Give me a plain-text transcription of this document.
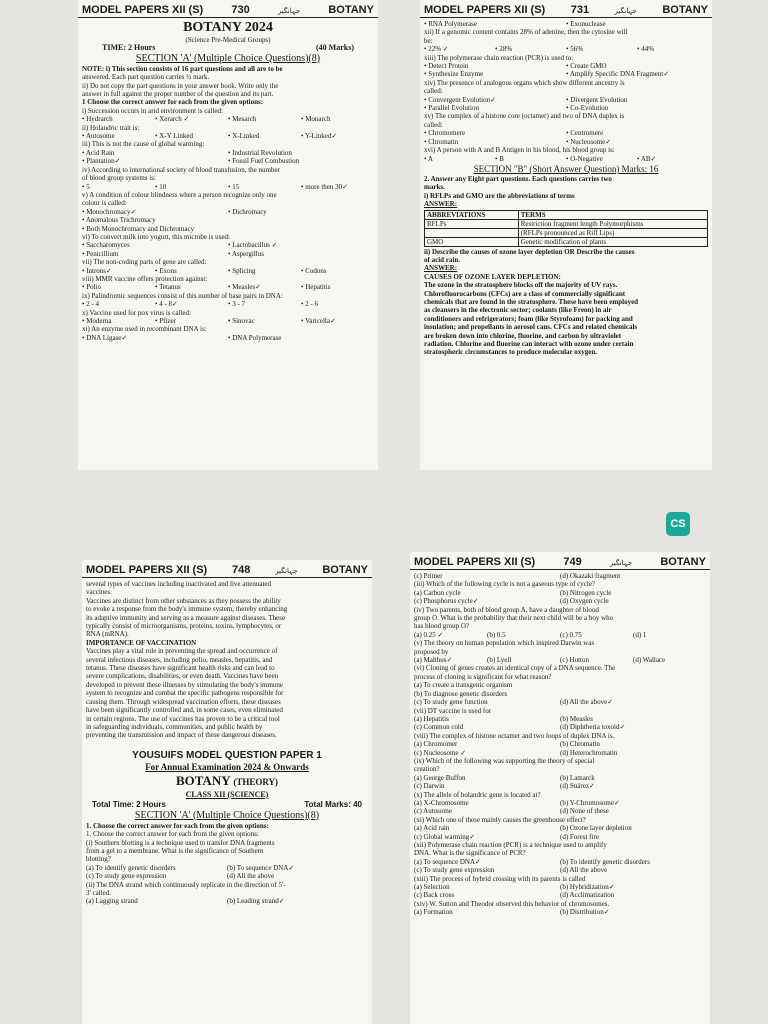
MODEL PAPERS XII (S)	730	جہانگیر	BOTANY
BOTANY 2024
(Science Pre-Medical Groups)
TIME: 2 Hours	(40 Marks)
SECTION 'A' (Multiple Choice Questions)(8)
NOTE: i) This section consists of 16 part questions and all are to be
answered. Each part question carries ½ mark.
ii) Do not copy the part questions in your answer book. Write only the
answer in full against the proper number of the question and its part.
1 Choose the correct answer for each from the given options:
i) Succession occurs in arid environment is called:
• Hydrarch	• Xerarch ✓	• Mesarch	• Monarch
ii) Holandric trait is:
• Autosome	• X-Y Linked	• X-Linked	• Y-Linked✓
iii) This is not the cause of global warming:
• Acid Rain	• Industrial Revolution
• Plantation✓	• Fossil Fuel Combustion
iv) According to international society of blood transfusion, the number
of blood group systems is:
• 5	• 10	• 15	• more then 30✓
v) A condition of colour blindness where a person recognize only one
colour is called:
• Monochromacy✓	• Dichromacy
• Anomalous Trichromacy
• Both Monochromacy and Dichromacy
vi) To convert milk into yogurt, this microbe is used:
• Saccharomyces	• Lactobacillus ✓
• Penicillium	• Aspergillus
vii) The non-coding parts of gene are called:
• Introns✓	• Exons	• Splicing	• Codons
viii) MMR vaccine offers protection against:
• Polio	• Tetanus	• Measles✓	• Hepatitis
ix) Palindromic sequences consist of this number of base pairs in DNA:
• 2 - 4	• 4 - 8✓	• 3 - 7	• 2 - 6
x) Vaccine used for pox virus is called:
• Moderna	• Pfizer	• Sinovac	• Varicella✓
xi) An enzyme used in recombinant DNA is:
• DNA Ligase✓	• DNA Polymerase
MODEL PAPERS XII (S) 731	جہانگیر BOTANY
• RNA Polymerase	• Exonuclease
xii) If a genomic content contains 28% of adenine, then the cytosine will
be:
• 22% ✓	• 28%	• 56%	• 44%
xiii) The polymerase chain reaction (PCR) is used to:
• Detect Protein	• Create GMO
• Synthesize Enzyme	• Amplify Specific DNA Fragment✓
xiv) The presence of analogous organs which show different ancestry is
called:
• Convergent Evolution✓	• Divergent Evolution
• Parallel Evolution	• Co-Evolution
xv) The complex of a histone core (octamer) and two of DNA duplex is
called:
• Chromomere	• Centromere
• Chromatin	• Nucleosome✓
xvi) A person with A and B Antigen in his blood, his blood group is:
• A	• B	• O-Negative	• AB✓
SECTION "B" (Short Answer Question) Marks: 16
2. Answer any Eight part questions. Each questions carries two
marks.
i) RFLPs and GMO are the abbreviations of terms
ANSWER:
ABBREVIATIONS	TERMS
RFLPs	Restriction fragment length Polymorphisms
	(RFLPs pronounced as Riff Lips)
GMO	Genetic modification of plants
ii) Describe the causes of ozone layer depletion OR Describe the causes
of acid rain.
ANSWER:
CAUSES OF OZONE LAYER DEPLETION:
The ozone in the stratosphere blocks off the majority of UV rays.
Chlorofluorocarbons (CFCs) are a class of commercially significant
chemicals that are found in the stratosphere. These have been employed
as cleansers in the electronic sector; coolants (like Freon) in air
conditioners and refrigerators; foam (like Styrofoam) for packing and
insulation; and propellants in aerosol cans. CFCs and related chemicals
are broken down into chlorine, fluorine, and carbon by ultraviolet
radiation. Chlorine and fluorine can interact with ozone under certain
stratospheric circumstances to produce molecular oxygen.
CS
MODEL PAPERS XII (S) 748	جہانگیر BOTANY
several types of vaccines including inactivated and live attenuated
vaccines.
Vaccines are distinct from other substances as they possess the ability
to evoke a response from the body's immune system, thereby enhancing
its adaptive immunity and serving as a measure against diseases. These
typically consist of microorganisms, proteins, toxins, lymphocytes, or
RNA (mRNA).
IMPORTANCE OF VACCINATION
Vaccines play a vital role in preventing the spread and occurrence of
several infectious diseases, including polio, measles, hepatitis, and
tetanus. These diseases have significant health risks and can lead to
severe complications, disabilities, or even death. Vaccines have been
developed to prevent these illnesses by stimulating the body's immune
system to recognize and combat the specific pathogens responsible for
causing them. Through widespread vaccination efforts, these diseases
have been significantly controlled and, in some cases, even eliminated
in certain regions. The use of vaccines has proven to be a critical tool
in safeguarding individuals, communities, and public health by
preventing the transmission and impact of these dangerous diseases.
YOUSUIFS MODEL QUESTION PAPER 1
For Annual Examination 2024 & Onwards
BOTANY (THEORY)
CLASS XII (SCIENCE)
Total Time: 2 Hours	Total Marks: 40
SECTION 'A' (Multiple Choice Questions)(8)
1. Choose the correct answer for each from the given options:
1. Choose the correct answer for each from the given options:
(i) Southern blotting is a technique used to transfer DNA fragments
from a gel to a membrane. What is the significance of Southern
blotting?
(a) To identify genetic disorders	(b) To sequence DNA✓
(c) To study gene expression	(d) All the above
(ii) The DNA strand which continuously replicate in the direction of 5'-
3' called.
(a) Lagging strand	(b) Leading strand✓
MODEL PAPERS XII (S)	749	جہانگیر	BOTANY
(c) Primer	(d) Okazaki fragment
(iii) Which of the following cycle is not a gaseous type of cycle?
(a) Carbon cycle	(b) Nitrogen cycle
(c) Phosphorus cycle✓	(d) Oxygen cycle
(iv) Two parents, both of blood group A, have a daughter of blood
group O. What is the probability that their next child will be a boy who
has blood group O?
(a) 0.25 ✓	(b) 0.5	(c) 0.75	(d) 1
(v) The theory on human population which inspired Darwin was
proposed by
(a) Malthus✓	(b) Lyell	(c) Hutton	(d) Wallace
(vi) Cloning of genes creates an identical copy of a DNA sequence. The
process of cloning is significant for what reason?
(a) To create a transgenic organism
(b) To diagnose genetic disorders
(c) To study gene function	(d) All the above✓
(vii) DT vaccine is used for
(a) Hepatitis	(b) Measles
(c) Common cold	(d) Diphtheria toxoid✓
(viii) The complex of histone octamer and two loops of duplex DNA is.
(a) Chromomer	(b) Chromatin
(c) Nucleosome ✓	(d) Heterochromatin
(ix) Which of the following was supporting the theory of special
creation?
(a) George Buffon	(b) Lamarck
(c) Darwin	(d) Suárez✓
(x) The allele of holandric gene is located at?
(a) X-Chromosome	(b) Y-Chromosome✓
(c) Autosome	(d) None of these
(xi) Which one of these mainly causes the greenhouse effect?
(a) Acid rain	(b) Ozone layer depletion
(c) Global warming✓	(d) Forest fire
(xii) Polymerase chain reaction (PCR) is a technique used to amplify
DNA. What is the significance of PCR?
(a) To sequence DNA✓	(b) To identify genetic disorders
(c) To study gene expression	(d) All the above
(xiii) The process of hybrid crossing with its parents is called
(a) Selection	(b) Hybridization✓
(c) Back cross	(d) Acclimatization
(xiv) W. Sutton and Theodor observed this behavior of chromosomes.
(a) Formation	(b) Distribution✓
